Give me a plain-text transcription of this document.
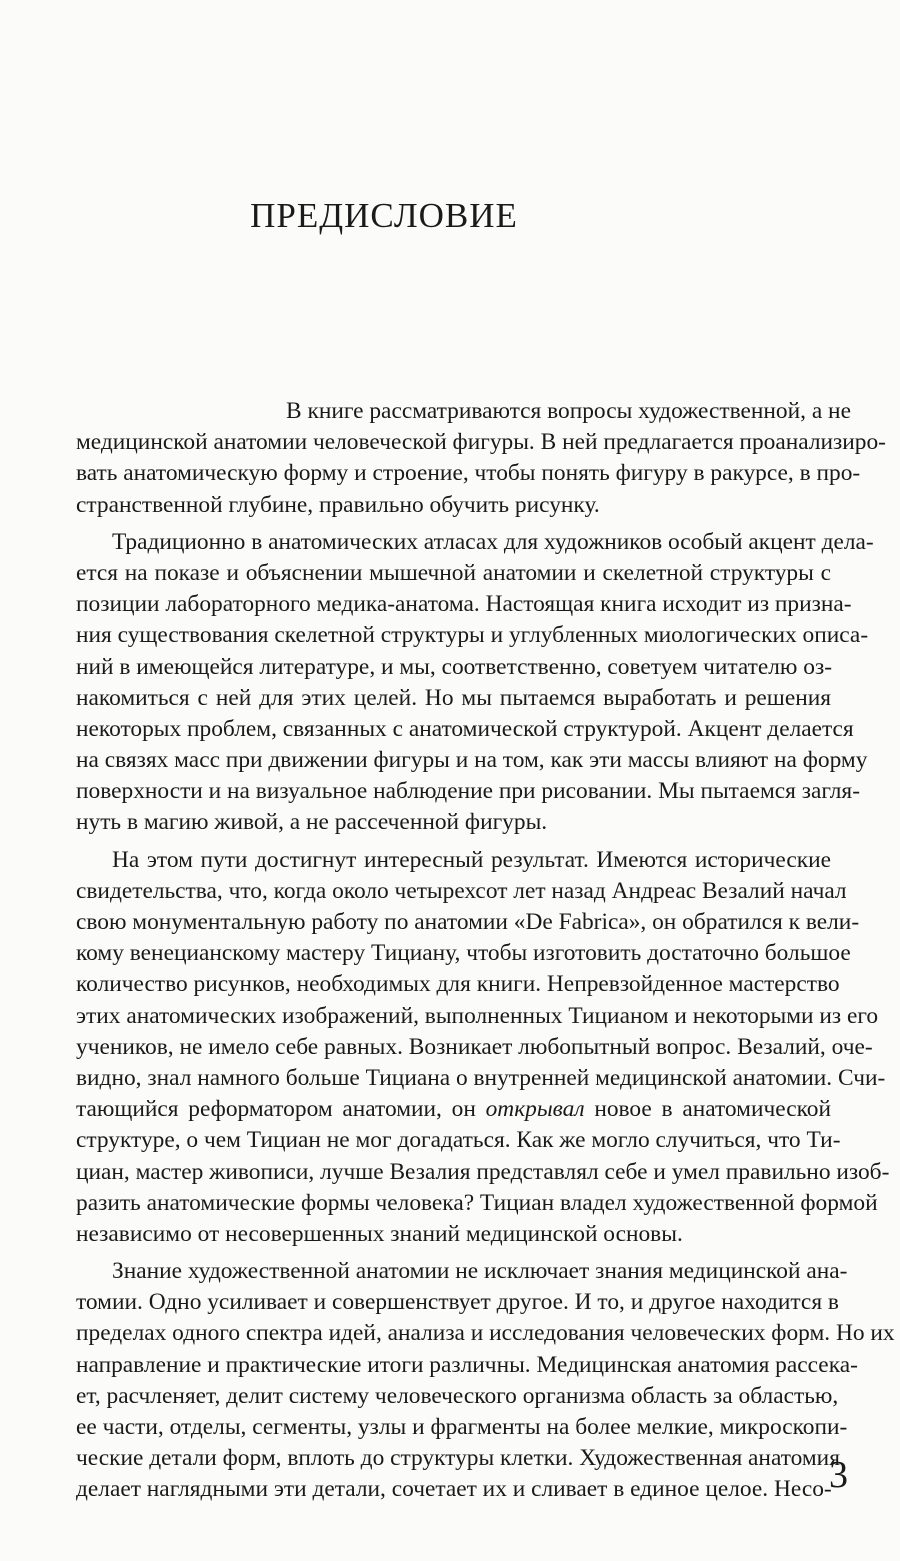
ПРЕДИСЛОВИЕ
В книге рассматриваются вопросы художественной, а не
медицинской анатомии человеческой фигуры. В ней предлагается проанализиро-
вать анатомическую форму и строение, чтобы понять фигуру в ракурсе, в про-
странственной глубине, правильно обучить рисунку.
Традиционно в анатомических атласах для художников особый акцент дела-
ется на показе и объяснении мышечной анатомии и скелетной структуры с
позиции лабораторного медика-анатома. Настоящая книга исходит из призна-
ния существования скелетной структуры и углубленных миологических описа-
ний в имеющейся литературе, и мы, соответственно, советуем читателю оз-
накомиться с ней для этих целей. Но мы пытаемся выработать и решения
некоторых проблем, связанных с анатомической структурой. Акцент делается
на связях масс при движении фигуры и на том, как эти массы влияют на форму
поверхности и на визуальное наблюдение при рисовании. Мы пытаемся загля-
нуть в магию живой, а не рассеченной фигуры.
На этом пути достигнут интересный результат. Имеются исторические
свидетельства, что, когда около четырехсот лет назад Андреас Везалий начал
свою монументальную работу по анатомии «De Fabrica», он обратился к вели-
кому венецианскому мастеру Тициану, чтобы изготовить достаточно большое
количество рисунков, необходимых для книги. Непревзойденное мастерство
этих анатомических изображений, выполненных Тицианом и некоторыми из его
учеников, не имело себе равных. Возникает любопытный вопрос. Везалий, оче-
видно, знал намного больше Тициана о внутренней медицинской анатомии. Счи-
тающийся реформатором анатомии, он открывал новое в анатомической
структуре, о чем Тициан не мог догадаться. Как же могло случиться, что Ти-
циан, мастер живописи, лучше Везалия представлял себе и умел правильно изоб-
разить анатомические формы человека? Тициан владел художественной формой
независимо от несовершенных знаний медицинской основы.
Знание художественной анатомии не исключает знания медицинской ана-
томии. Одно усиливает и совершенствует другое. И то, и другое находится в
пределах одного спектра идей, анализа и исследования человеческих форм. Но их
направление и практические итоги различны. Медицинская анатомия рассека-
ет, расчленяет, делит систему человеческого организма область за областью,
ее части, отделы, сегменты, узлы и фрагменты на более мелкие, микроскопи-
ческие детали форм, вплоть до структуры клетки. Художественная анатомия
делает наглядными эти детали, сочетает их и сливает в единое целое. Несо-
3
